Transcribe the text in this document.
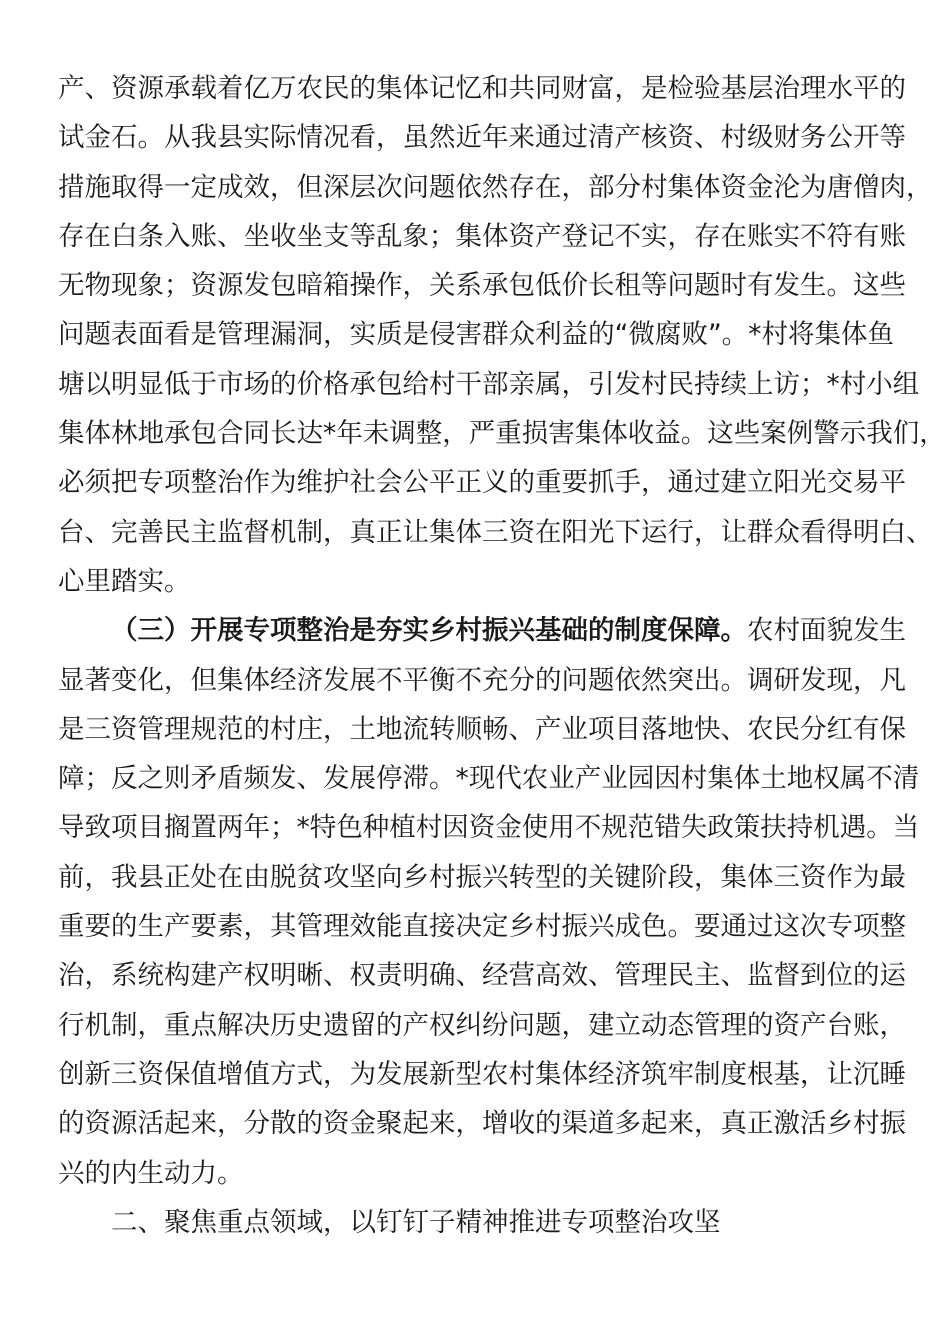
产、资源承载着亿万农民的集体记忆和共同财富，是检验基层治理水平的
试金石。从我县实际情况看，虽然近年来通过清产核资、村级财务公开等
措施取得一定成效，但深层次问题依然存在，部分村集体资金沦为唐僧肉，
存在白条入账、坐收坐支等乱象；集体资产登记不实，存在账实不符有账
无物现象；资源发包暗箱操作，关系承包低价长租等问题时有发生。这些
问题表面看是管理漏洞，实质是侵害群众利益的“微腐败”。*村将集体鱼
塘以明显低于市场的价格承包给村干部亲属，引发村民持续上访；*村小组
集体林地承包合同长达*年未调整，严重损害集体收益。这些案例警示我们，
必须把专项整治作为维护社会公平正义的重要抓手，通过建立阳光交易平
台、完善民主监督机制，真正让集体三资在阳光下运行，让群众看得明白、
心里踏实。
（三）开展专项整治是夯实乡村振兴基础的制度保障。农村面貌发生
显著变化，但集体经济发展不平衡不充分的问题依然突出。调研发现，凡
是三资管理规范的村庄，土地流转顺畅、产业项目落地快、农民分红有保
障；反之则矛盾频发、发展停滞。*现代农业产业园因村集体土地权属不清
导致项目搁置两年；*特色种植村因资金使用不规范错失政策扶持机遇。当
前，我县正处在由脱贫攻坚向乡村振兴转型的关键阶段，集体三资作为最
重要的生产要素，其管理效能直接决定乡村振兴成色。要通过这次专项整
治，系统构建产权明晰、权责明确、经营高效、管理民主、监督到位的运
行机制，重点解决历史遗留的产权纠纷问题，建立动态管理的资产台账，
创新三资保值增值方式，为发展新型农村集体经济筑牢制度根基，让沉睡
的资源活起来，分散的资金聚起来，增收的渠道多起来，真正激活乡村振
兴的内生动力。
二、聚焦重点领域，以钉钉子精神推进专项整治攻坚
